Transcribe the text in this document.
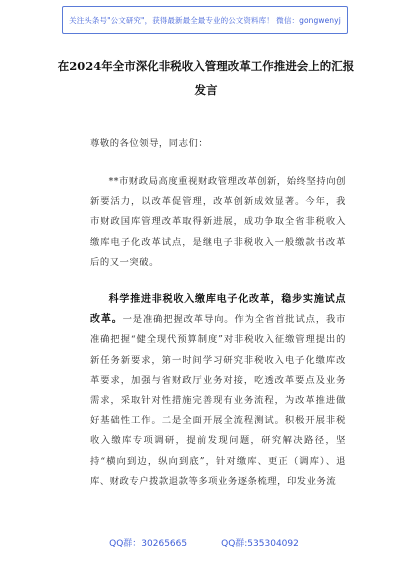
关注头条号"公文研究"，获得最新最全最专业的公文资料库！ 微信：gongwenyj
在2024年全市深化非税收入管理改革工作推进会上的汇报
发言
尊敬的各位领导，同志们：
**市财政局高度重视财政管理改革创新，始终坚持向创新要活力，以改革促管理，改革创新成效显著。今年，我市财政国库管理改革取得新进展，成功争取全省非税收入缴库电子化改革试点，是继电子非税收入一般缴款书改革后的又一突破。
科学推进非税收入缴库电子化改革，稳步实施试点改革。一是准确把握改革导向。作为全省首批试点，我市准确把握“健全现代预算制度”对非税收入征缴管理提出的新任务新要求，第一时间学习研究非税收入电子化缴库改革要求，加强与省财政厅业务对接，吃透改革要点及业务需求，采取针对性措施完善现有业务流程，为改革推进做好基础性工作。二是全面开展全流程测试。积极开展非税收入缴库专项调研，提前发现问题，研究解决路径，坚持“横向到边，纵向到底”，针对缴库、更正（调库）、退库、财政专户拨款退款等多项业务逐条梳理，印发业务流
QQ群：30265665	QQ群:535304092
